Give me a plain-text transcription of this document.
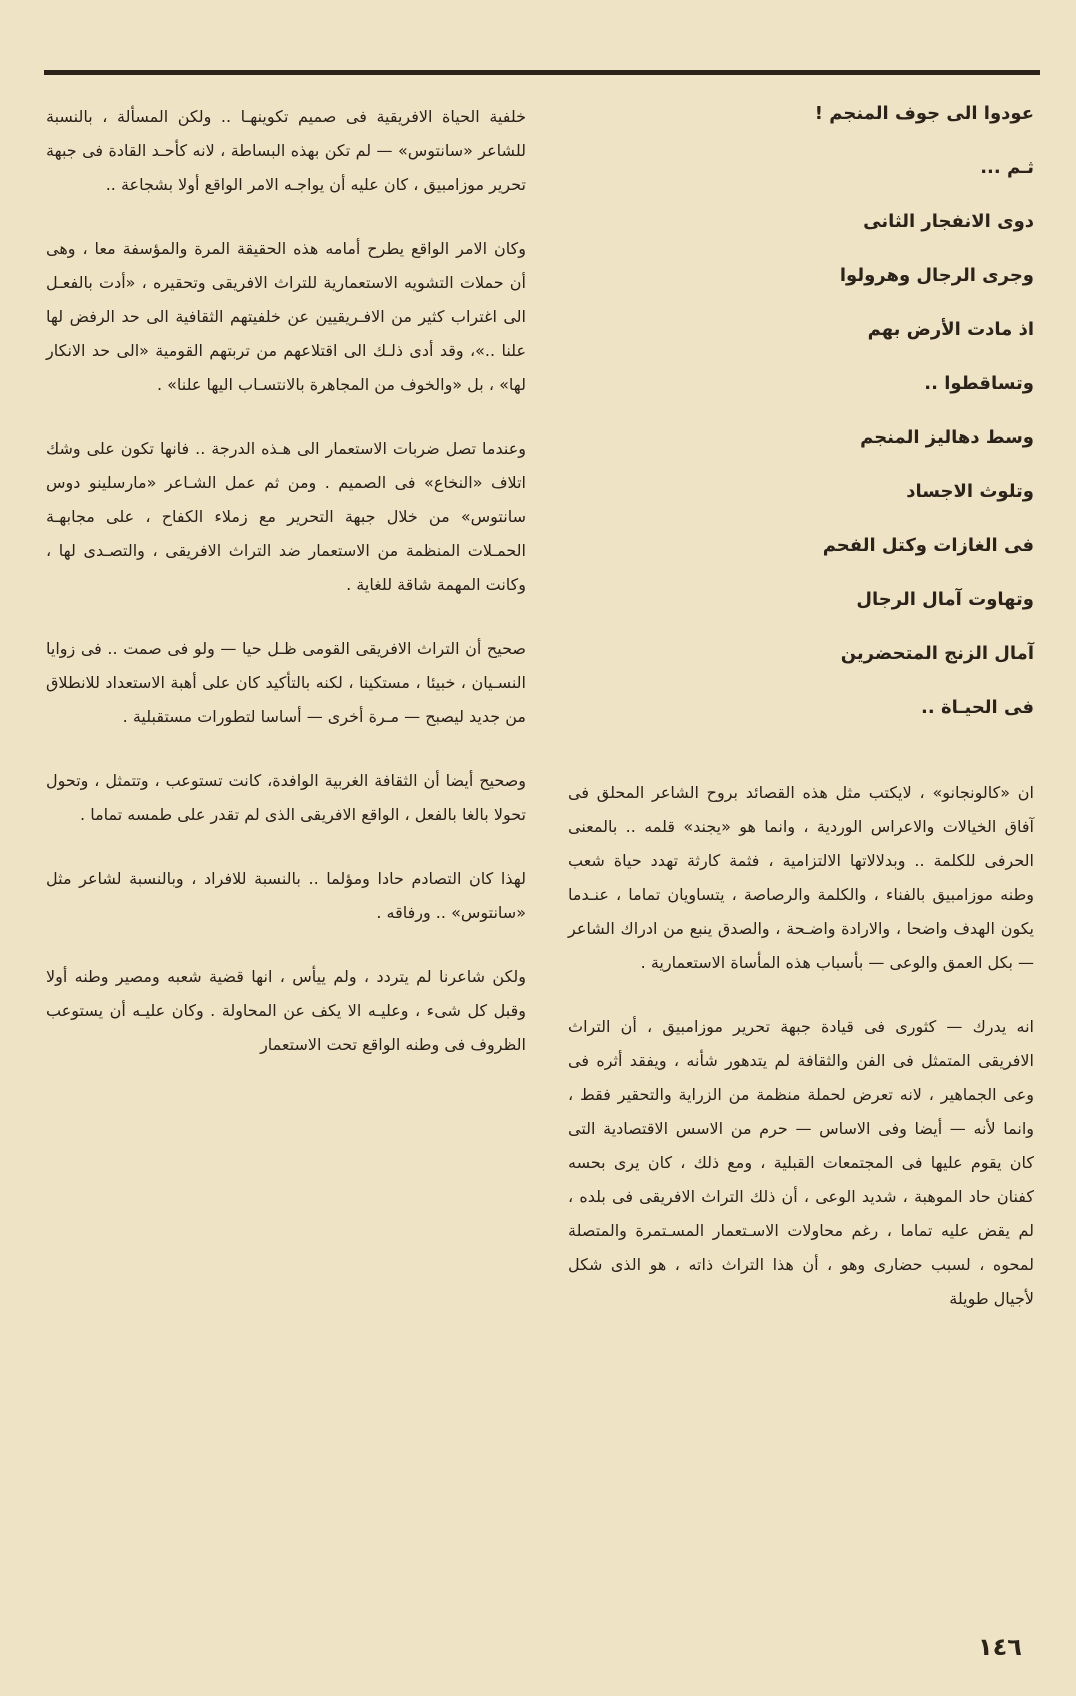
عودوا الى جوف المنجم !

ثـم ...

دوى الانفجار الثانى

وجرى الرجال وهرولوا

اذ مادت الأرض بهم

وتساقطوا ..

وسط دهاليز المنجم

وتلوث الاجساد

فى الغازات وكتل الفحم

وتهاوت آمال الرجال

آمال الزنج المتحضرين

فى الحيـاة ..

ان «كالونجانو» ، لايكتب مثل هذه القصائد بروح الشاعر المحلق فى آفاق الخيالات والاعراس الوردية ، وانما هو «يجند» قلمه .. بالمعنى الحرفى للكلمة .. وبدلالاتها الالتزامية ، فثمة كارثة تهدد حياة شعب وطنه موزامبيق بالفناء ، والكلمة والرصاصة ، يتساويان تماما ، عنـدما يكون الهدف واضحا ، والارادة واضـحة ، والصدق ينبع من ادراك الشاعر — بكل العمق والوعى — بأسباب هذه المأساة الاستعمارية .

انه يدرك — كثورى فى قيادة جبهة تحرير موزامبيق ، أن التراث الافريقى المتمثل فى الفن والثقافة لم يتدهور شأنه ، ويفقد أثره فى وعى الجماهير ، لانه تعرض لحملة منظمة من الزراية والتحقير فقط ، وانما لأنه — أيضا وفى الاساس — حرم من الاسس الاقتصادية التى كان يقوم عليها فى المجتمعات القبلية ، ومع ذلك ، كان يرى بحسه كفنان حاد الموهبة ، شديد الوعى ، أن ذلك التراث الافريقى فى بلده ، لم يقض عليه تماما ، رغم محاولات الاسـتعمار المسـتمرة والمتصلة لمحوه ، لسبب حضارى وهو ، أن هذا التراث ذاته ، هو الذى شكل لأجيال طويلة

خلفية الحياة الافريقية فى صميم تكوينهـا .. ولكن المسألة ، بالنسبة للشاعر «سانتوس» — لم تكن بهذه البساطة ، لانه كأحـد القادة فى جبهة تحرير موزامبيق ، كان عليه أن يواجـه الامر الواقع أولا بشجاعة ..

وكان الامر الواقع يطرح أمامه هذه الحقيقة المرة والمؤسفة معا ، وهى أن حملات التشويه الاستعمارية للتراث الافريقى وتحقيره ، «أدت بالفعـل الى اغتراب كثير من الافـريقيين عن خلفيتهم الثقافية الى حد الرفض لها علنا ..»، وقد أدى ذلـك الى اقتلاعهم من تربتهم القومية «الى حد الانكار لها» ، بل «والخوف من المجاهرة بالانتسـاب اليها علنا» .

وعندما تصل ضربات الاستعمار الى هـذه الدرجة .. فانها تكون على وشك اتلاف «النخاع» فى الصميم . ومن ثم عمل الشـاعر «مارسلينو دوس سانتوس» من خلال جبهة التحرير مع زملاء الكفاح ، على مجابهـة الحمـلات المنظمة من الاستعمار ضد التراث الافريقى ، والتصـدى لها ، وكانت المهمة شاقة للغاية .

صحيح أن التراث الافريقى القومى ظـل حيا — ولو فى صمت .. فى زوايا النسـيان ، خبيئا ، مستكينا ، لكنه بالتأكيد كان على أهبة الاستعداد للانطلاق من جديد ليصبح — مـرة أخرى — أساسا لتطورات مستقبلية .

وصحيح أيضا أن الثقافة الغربية الوافدة، كانت تستوعب ، وتتمثل ، وتحول تحولا بالغا بالفعل ، الواقع الافريقى الذى لم تقدر على طمسه تماما .

لهذا كان التصادم حادا ومؤلما .. بالنسبة للافراد ، وبالنسبة لشاعر مثل «سانتوس» .. ورفاقه .

ولكن شاعرنا لم يتردد ، ولم ييأس ، انها قضية شعبه ومصير وطنه أولا وقبل كل شىء ، وعليـه الا يكف عن المحاولة . وكان عليـه أن يستوعب الظروف فى وطنه الواقع تحت الاستعمار

١٤٦
